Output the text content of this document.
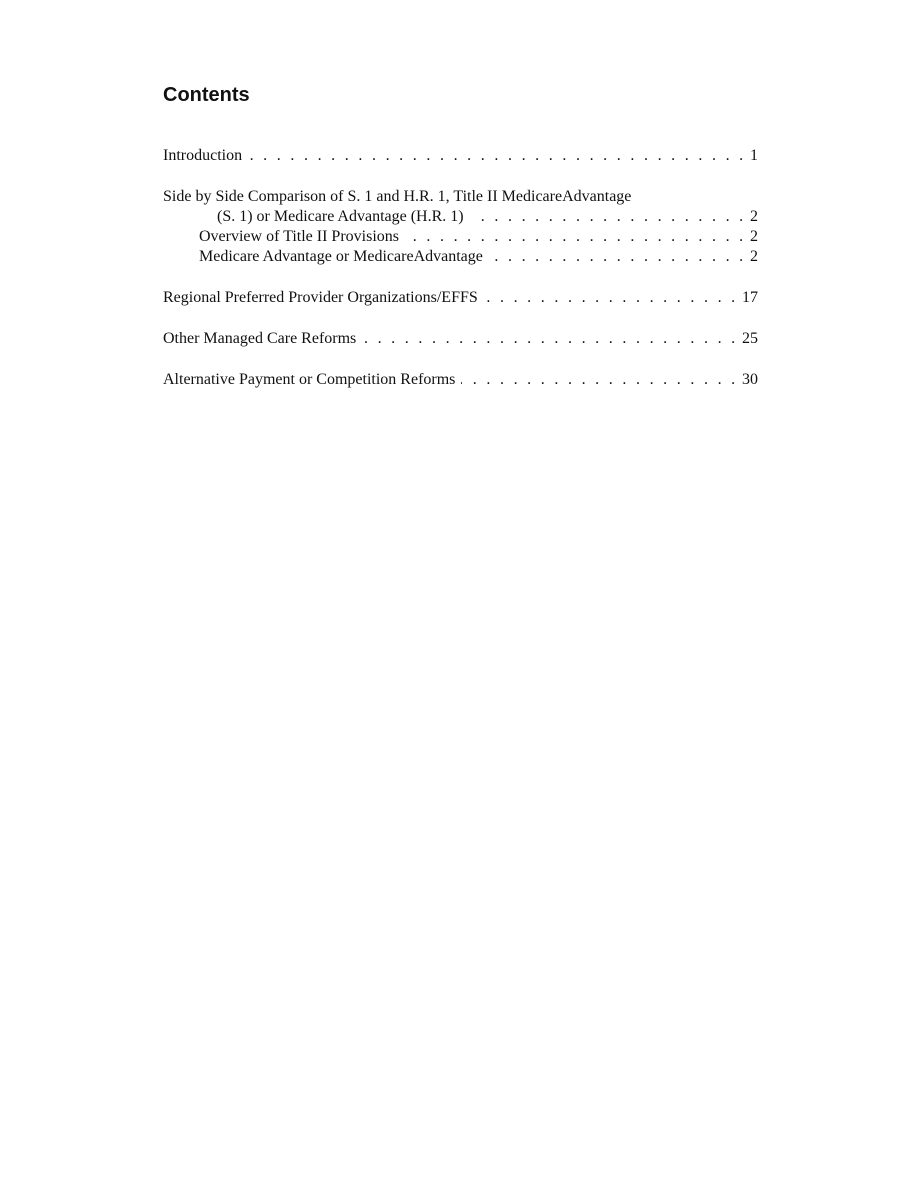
Contents
Introduction . . .	1
Side by Side Comparison of S. 1 and H.R. 1, Title II MedicareAdvantage
(S. 1) or Medicare Advantage (H.R. 1) . . .	2
Overview of Title II Provisions . . .	2
Medicare Advantage or MedicareAdvantage . . .	2
Regional Preferred Provider Organizations/EFFS . . .	17
Other Managed Care Reforms . . .	25
Alternative Payment or Competition Reforms . . .	30
